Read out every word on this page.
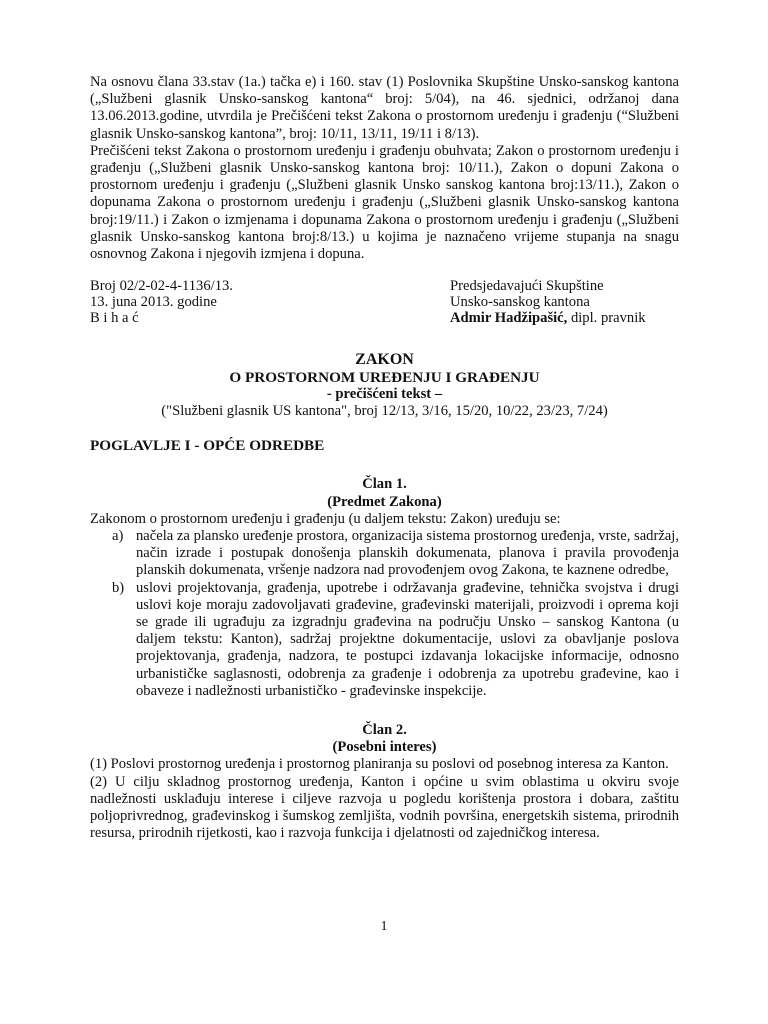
Na osnovu člana 33.stav (1a.) tačka e) i 160. stav (1) Poslovnika Skupštine Unsko-sanskog kantona („Službeni glasnik Unsko-sanskog kantona“ broj: 5/04), na 46. sjednici, održanoj dana 13.06.2013.godine, utvrdila je Prečišćeni tekst Zakona o prostornom uređenju i građenju (“Službeni glasnik Unsko-sanskog kantona”, broj: 10/11, 13/11, 19/11 i 8/13).

Prečišćeni tekst Zakona o prostornom uređenju i građenju obuhvata; Zakon o prostornom uređenju i građenju („Službeni glasnik Unsko-sanskog kantona broj: 10/11.), Zakon o dopuni Zakona o prostornom uređenju i građenju („Službeni glasnik Unsko sanskog kantona broj:13/11.), Zakon o dopunama Zakona o prostornom uređenju i građenju („Službeni glasnik Unsko-sanskog kantona broj:19/11.) i Zakon o izmjenama i dopunama Zakona o prostornom uređenju i građenju („Službeni glasnik Unsko-sanskog kantona broj:8/13.) u kojima je naznačeno vrijeme stupanja na snagu osnovnog Zakona i njegovih izmjena i dopuna.

Broj 02/2-02-4-1136/13.
13. juna 2013. godine
B i h a ć
Predsjedavajući Skupštine
Unsko-sanskog kantona
Admir Hadžipašić, dipl. pravnik
ZAKON
O PROSTORNOM UREĐENJU I GRAĐENJU
- prečišćeni tekst –
("Službeni glasnik US kantona", broj 12/13, 3/16, 15/20, 10/22, 23/23, 7/24)
POGLAVLJE I - OPĆE ODREDBE
Član 1.
(Predmet Zakona)

Zakonom o prostornom uređenju i građenju (u daljem tekstu: Zakon) uređuju se:

a) načela za plansko uređenje prostora, organizacija sistema prostornog uređenja, vrste, sadržaj, način izrade i postupak donošenja planskih dokumenata, planova i pravila provođenja planskih dokumenata, vršenje nadzora nad provođenjem ovog Zakona, te kaznene odredbe,
b) uslovi projektovanja, građenja, upotrebe i održavanja građevine, tehnička svojstva i drugi uslovi koje moraju zadovoljavati građevine, građevinski materijali, proizvodi i oprema koji se grade ili ugrađuju za izgradnju građevina na području Unsko – sanskog Kantona (u daljem tekstu: Kanton), sadržaj projektne dokumentacije, uslovi za obavljanje poslova projektovanja, građenja, nadzora, te postupci izdavanja lokacijske informacije, odnosno urbanističke saglasnosti, odobrenja za građenje i odobrenja za upotrebu građevine, kao i obaveze i nadležnosti urbanističko - građevinske inspekcije.
Član 2.
(Posebni interes)

(1) Poslovi prostornog uređenja i prostornog planiranja su poslovi od posebnog interesa za Kanton.

(2) U cilju skladnog prostornog uređenja, Kanton i općine u svim oblastima u okviru svoje nadležnosti usklađuju interese i ciljeve razvoja u pogledu korištenja prostora i dobara, zaštitu poljoprivrednog, građevinskog i šumskog zemljišta, vodnih površina, energetskih sistema, prirodnih resursa, prirodnih rijetkosti, kao i razvoja funkcija i djelatnosti od zajedničkog interesa.

1
